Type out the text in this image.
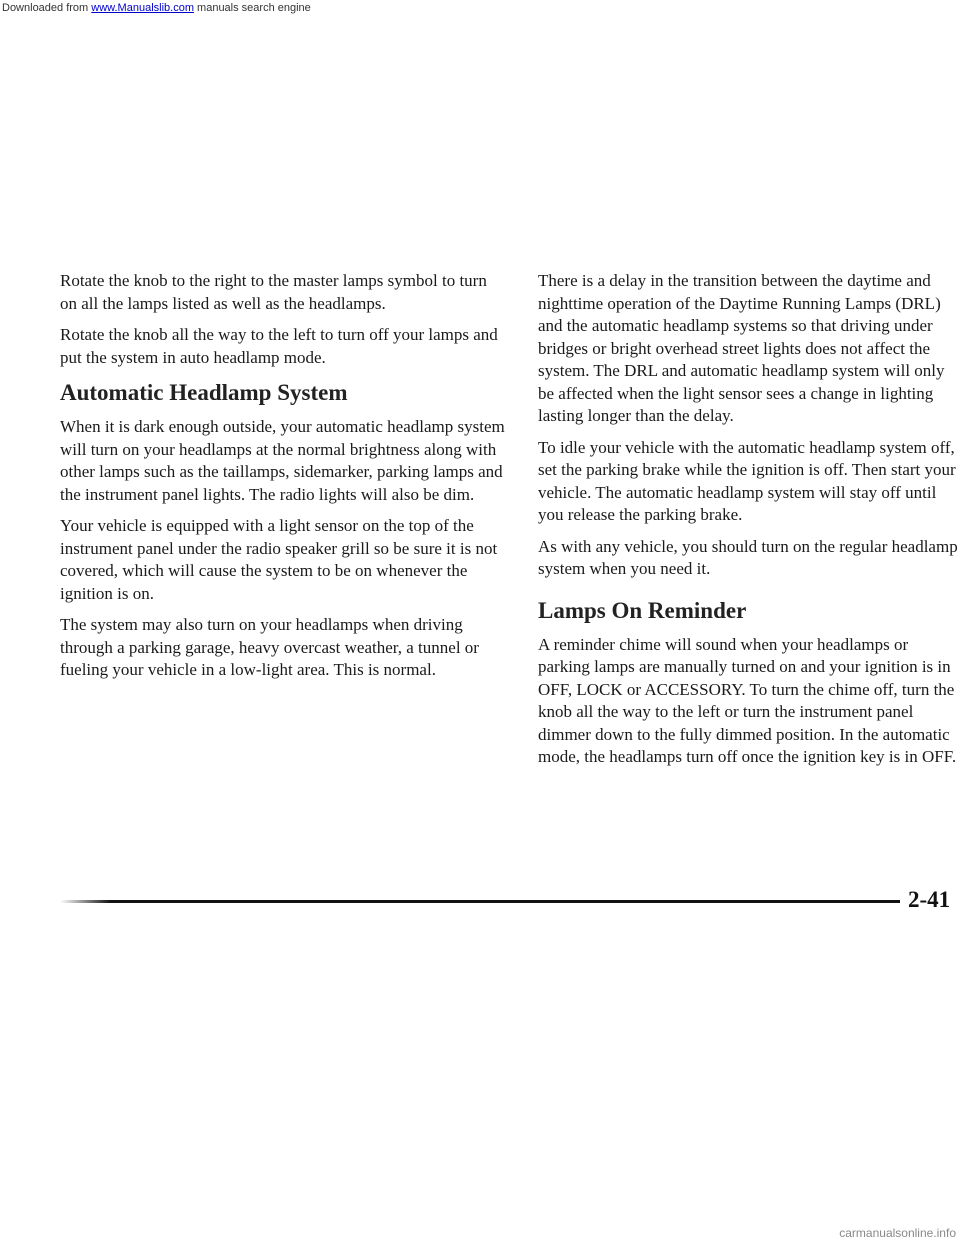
Downloaded from www.Manualslib.com manuals search engine

Rotate the knob to the right to the master lamps symbol to turn on all the lamps listed as well as the headlamps.

Rotate the knob all the way to the left to turn off your lamps and put the system in auto headlamp mode.

Automatic Headlamp System

When it is dark enough outside, your automatic headlamp system will turn on your headlamps at the normal brightness along with other lamps such as the taillamps, sidemarker, parking lamps and the instrument panel lights. The radio lights will also be dim.

Your vehicle is equipped with a light sensor on the top of the instrument panel under the radio speaker grill so be sure it is not covered, which will cause the system to be on whenever the ignition is on.

The system may also turn on your headlamps when driving through a parking garage, heavy overcast weather, a tunnel or fueling your vehicle in a low-light area. This is normal.

There is a delay in the transition between the daytime and nighttime operation of the Daytime Running Lamps (DRL) and the automatic headlamp systems so that driving under bridges or bright overhead street lights does not affect the system. The DRL and automatic headlamp system will only be affected when the light sensor sees a change in lighting lasting longer than the delay.

To idle your vehicle with the automatic headlamp system off, set the parking brake while the ignition is off. Then start your vehicle. The automatic headlamp system will stay off until you release the parking brake.

As with any vehicle, you should turn on the regular headlamp system when you need it.

Lamps On Reminder

A reminder chime will sound when your headlamps or parking lamps are manually turned on and your ignition is in OFF, LOCK or ACCESSORY. To turn the chime off, turn the knob all the way to the left or turn the instrument panel dimmer down to the fully dimmed position. In the automatic mode, the headlamps turn off once the ignition key is in OFF.

2-41
carmanualsonline.info
